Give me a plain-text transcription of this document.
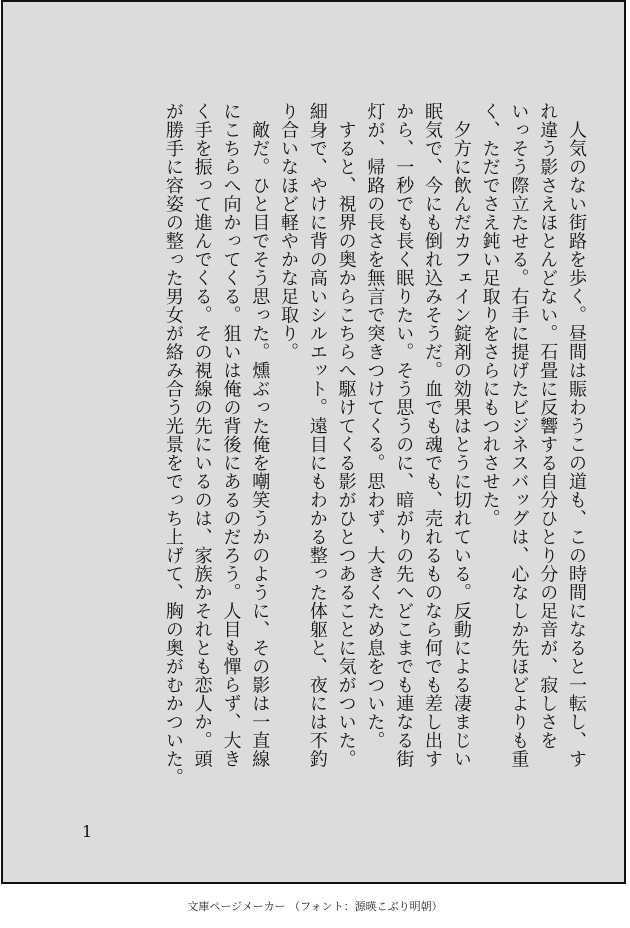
　人気のない街路を歩く。昼間は賑わうこの道も、この時間になると一転し、す

れ違う影さえほとんどない。石畳に反響する自分ひとり分の足音が、寂しさを

いっそう際立たせる。右手に提げたビジネスバッグは、心なしか先ほどよりも重

く、ただでさえ鈍い足取りをさらにもつれさせた。

　夕方に飲んだカフェイン錠剤の効果はとうに切れている。反動による凄まじい

眠気で、今にも倒れ込みそうだ。血でも魂でも、売れるものなら何でも差し出す

から、一秒でも長く眠りたい。そう思うのに、暗がりの先へどこまでも連なる街

灯が、帰路の長さを無言で突きつけてくる。思わず、大きくため息をついた。

　すると、視界の奥からこちらへ駆けてくる影がひとつあることに気がついた。

細身で、やけに背の高いシルエット。遠目にもわかる整った体躯と、夜には不釣

り合いなほど軽やかな足取り。

　敵だ。ひと目でそう思った。燻ぶった俺を嘲笑うかのように、その影は一直線

にこちらへ向かってくる。狙いは俺の背後にあるのだろう。人目も憚らず、大き

く手を振って進んでくる。その視線の先にいるのは、家族かそれとも恋人か。頭

が勝手に容姿の整った男女が絡み合う光景をでっち上げて、胸の奥がむかついた。

1
文庫ページメーカー （フォント：源暎こぶり明朝）
